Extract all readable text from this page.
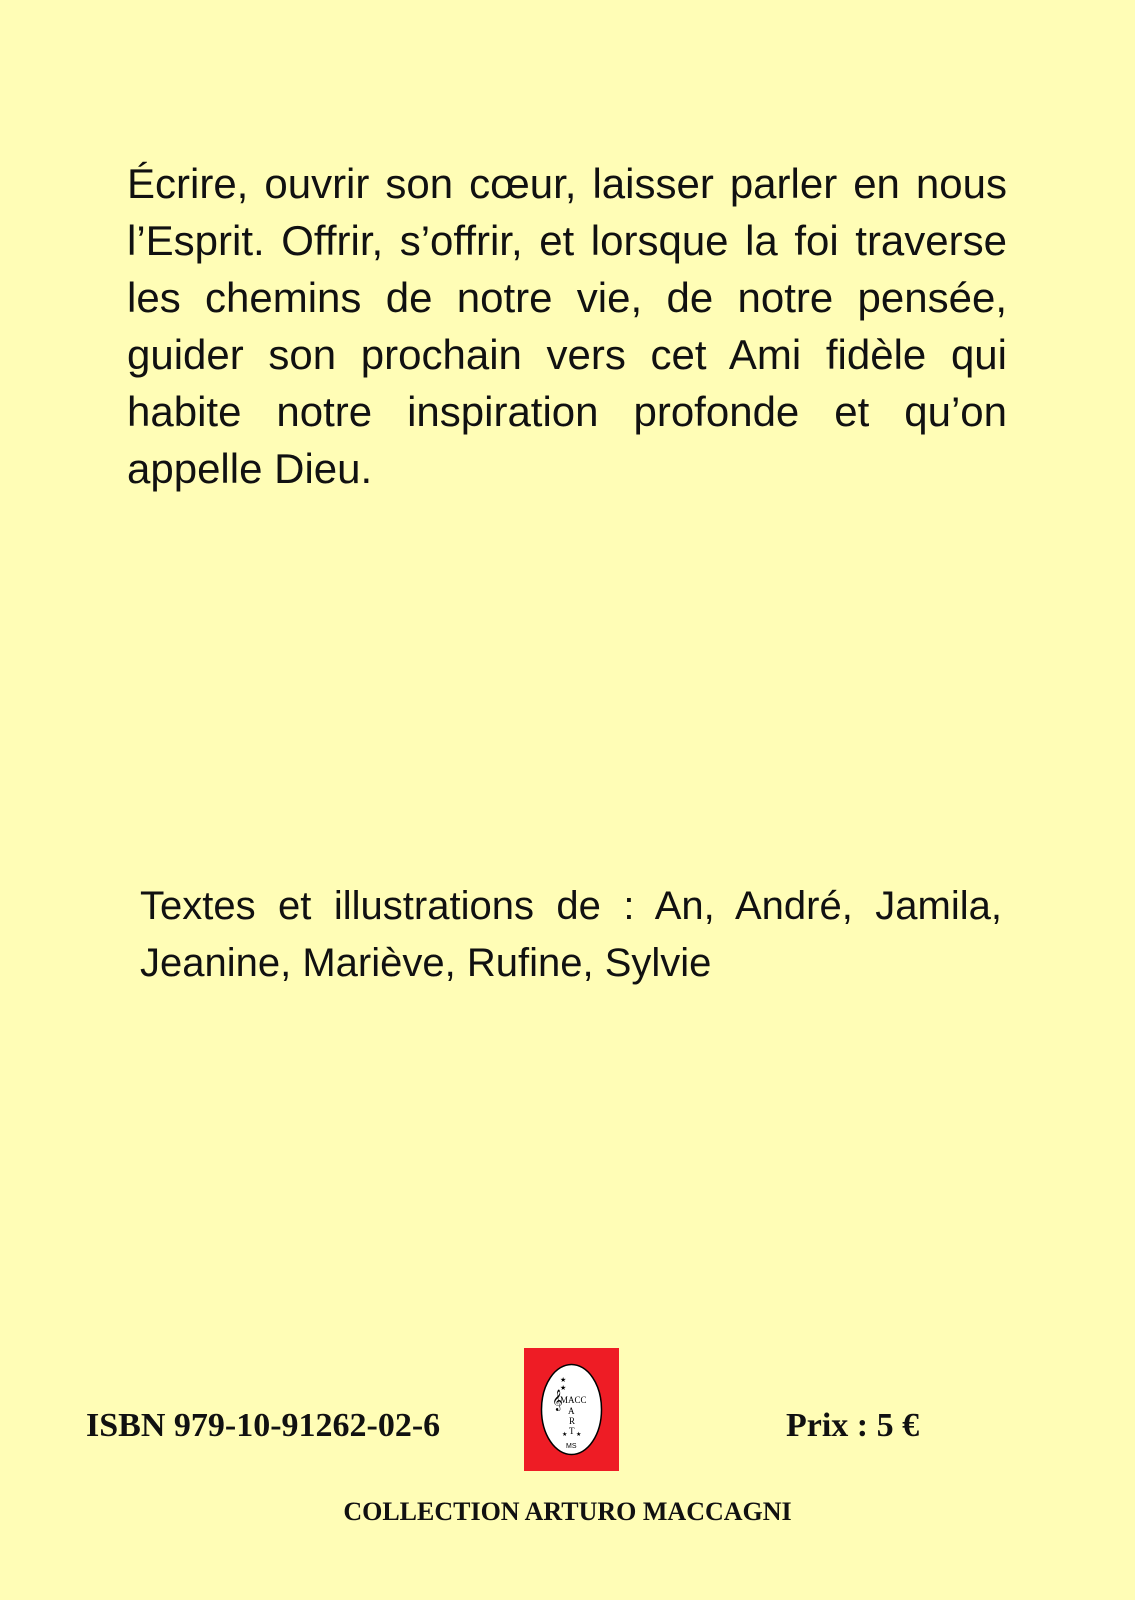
Écrire, ouvrir son cœur, laisser parler en nous l’Esprit. Offrir, s’offrir, et lorsque la foi traverse les chemins de notre vie, de notre pensée, guider son prochain vers cet Ami fidèle qui habite notre inspiration profonde et qu’on appelle Dieu.

Textes et illustrations de : An, André, Jamila, Jeanine, Mariève, Rufine, Sylvie

ISBN 979-10-91262-02-6
★
★
𝄞
MACC
A
R
T
★ ★
MS
Prix : 5 €
COLLECTION ARTURO MACCAGNI
